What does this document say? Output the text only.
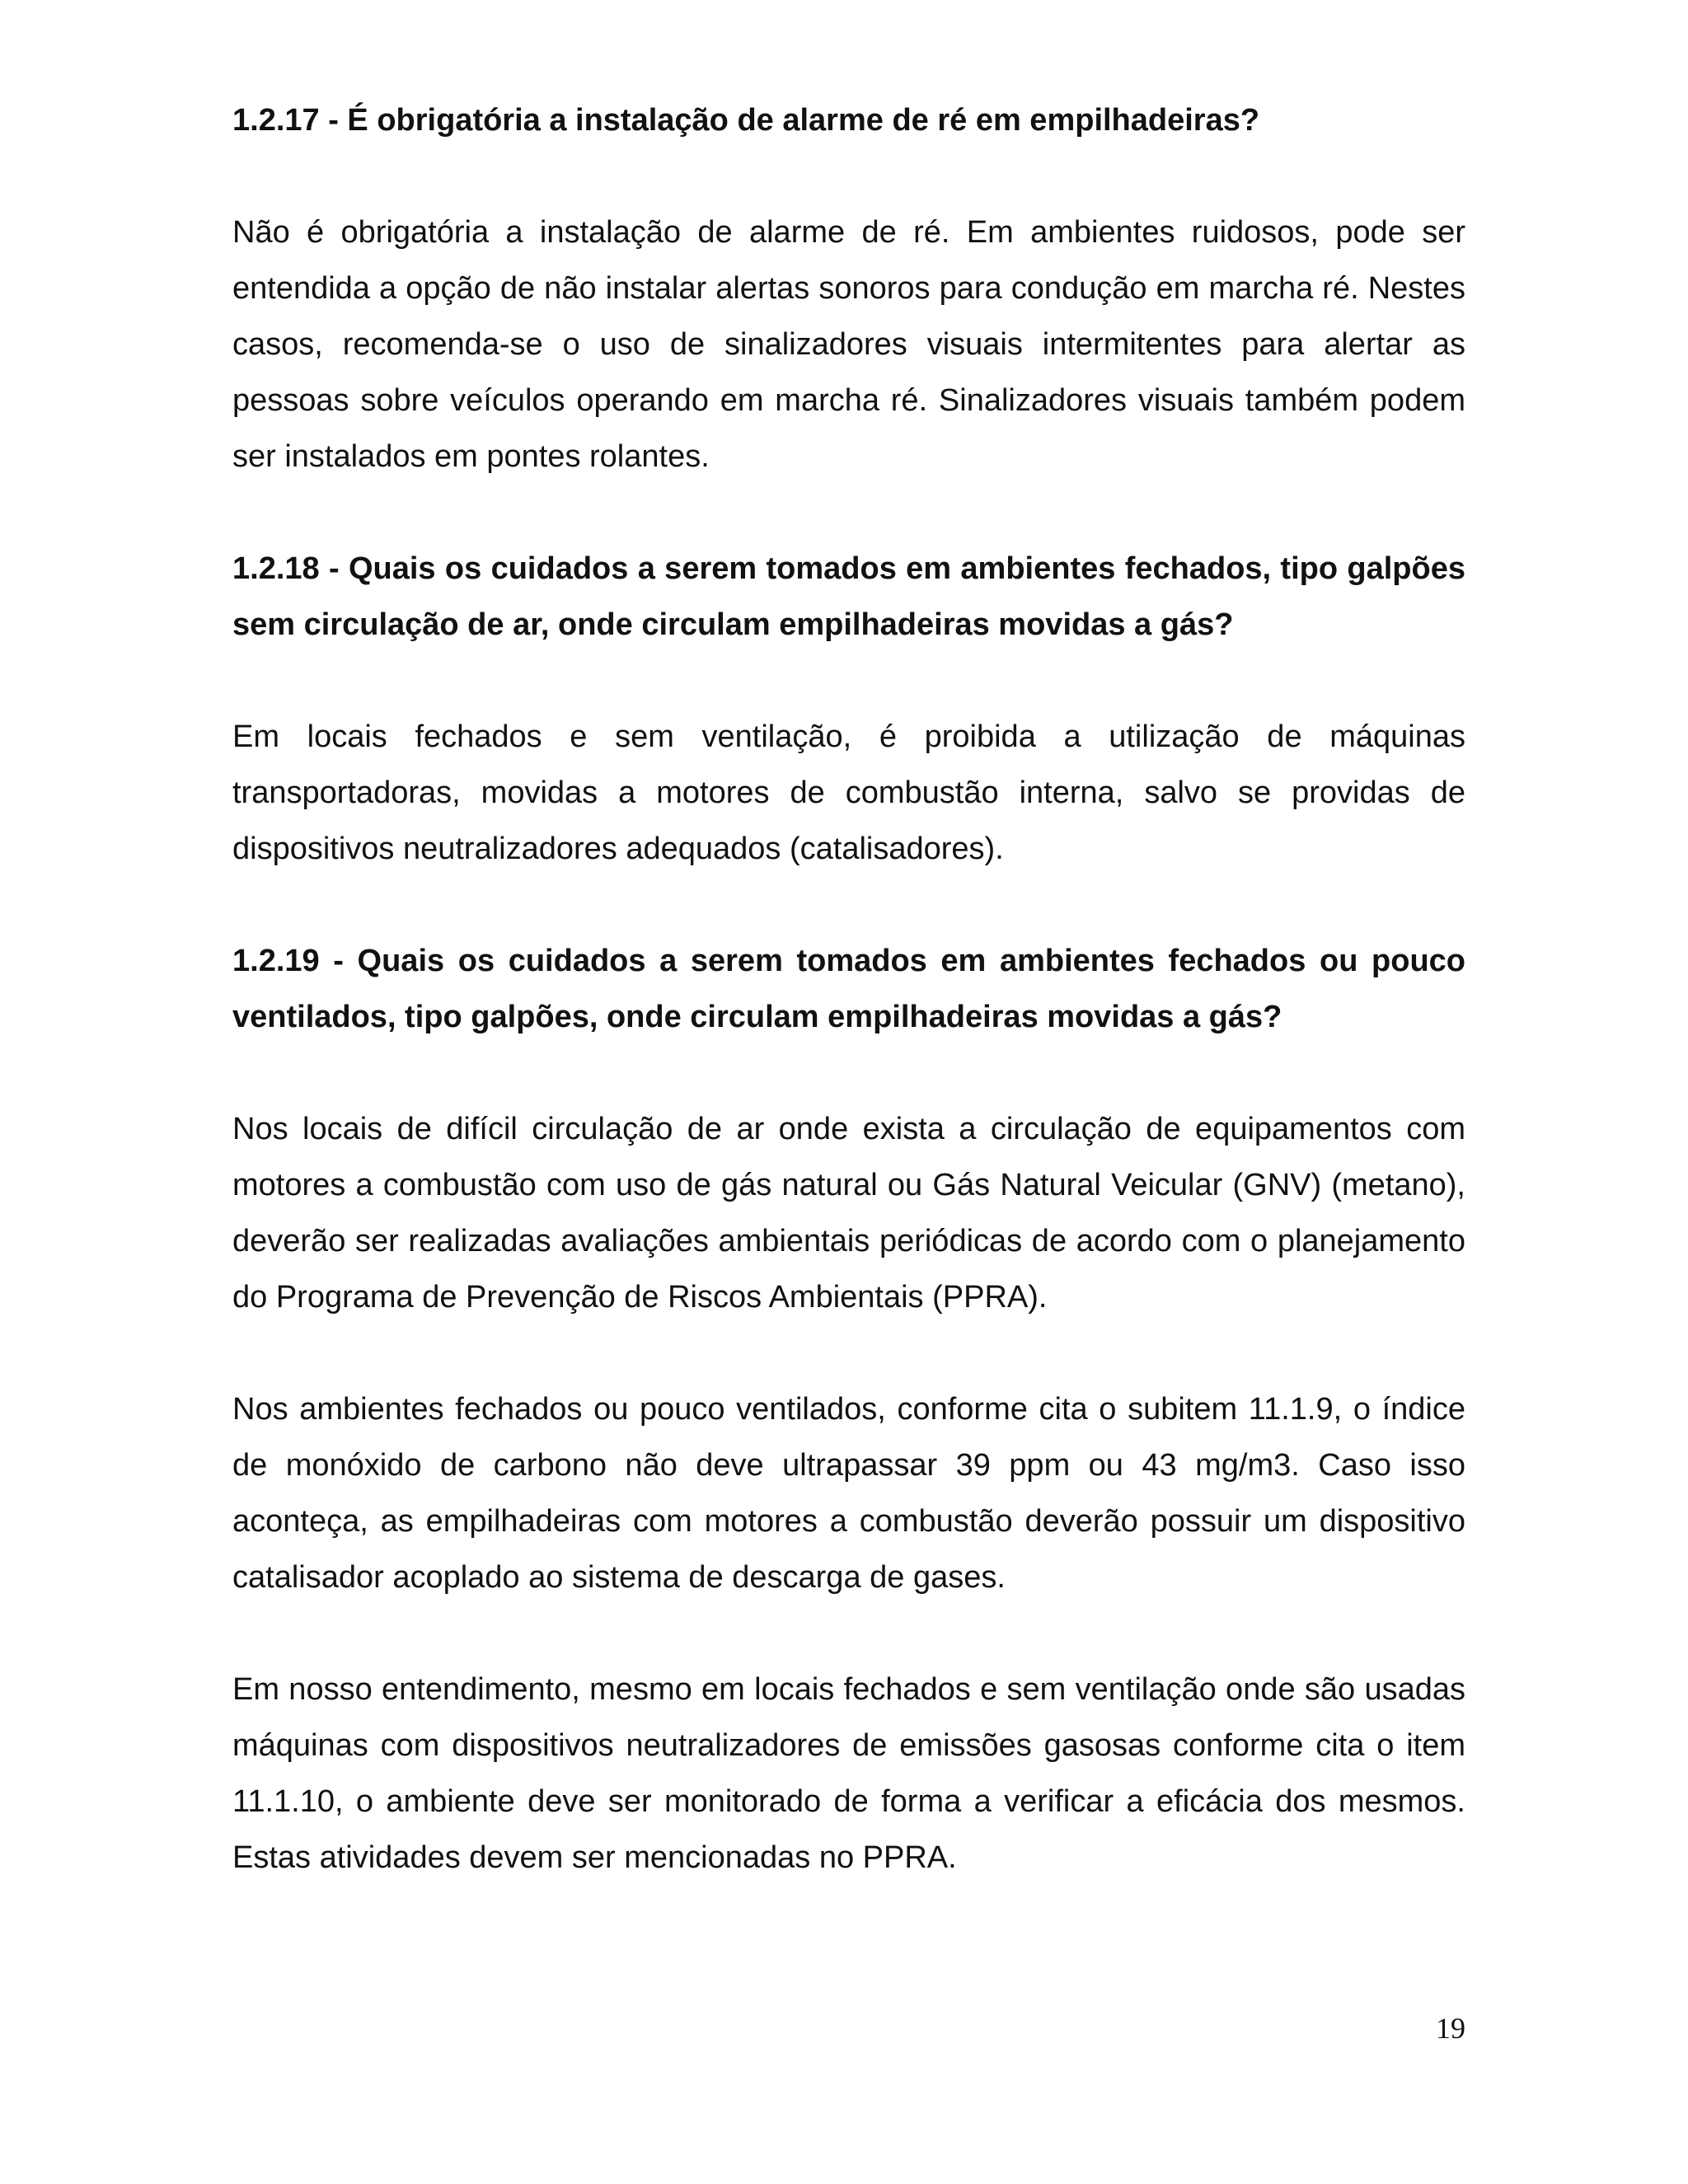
1.2.17 - É obrigatória a instalação de alarme de ré em empilhadeiras?

Não é obrigatória a instalação de alarme de ré. Em ambientes ruidosos, pode ser entendida a opção de não instalar alertas sonoros para condução em marcha ré. Nestes casos, recomenda-se o uso de sinalizadores visuais intermitentes para alertar as pessoas sobre veículos operando em marcha ré. Sinalizadores visuais também podem ser instalados em pontes rolantes.

1.2.18 - Quais os cuidados a serem tomados em ambientes fechados, tipo galpões sem circulação de ar, onde circulam empilhadeiras movidas a gás?

Em locais fechados e sem ventilação, é proibida a utilização de máquinas transportadoras, movidas a motores de combustão interna, salvo se providas de dispositivos neutralizadores adequados (catalisadores).

1.2.19 - Quais os cuidados a serem tomados em ambientes fechados ou pouco ventilados, tipo galpões, onde circulam empilhadeiras movidas a gás?

Nos locais de difícil circulação de ar onde exista a circulação de equipamentos com motores a combustão com uso de gás natural ou Gás Natural Veicular (GNV) (metano), deverão ser realizadas avaliações ambientais periódicas de acordo com o planejamento do Programa de Prevenção de Riscos Ambientais (PPRA).

Nos ambientes fechados ou pouco ventilados, conforme cita o subitem 11.1.9, o índice de monóxido de carbono não deve ultrapassar 39 ppm ou 43 mg/m3. Caso isso aconteça, as empilhadeiras com motores a combustão deverão possuir um dispositivo catalisador acoplado ao sistema de descarga de gases.

Em nosso entendimento, mesmo em locais fechados e sem ventilação onde são usadas máquinas com dispositivos neutralizadores de emissões gasosas conforme cita o item 11.1.10, o ambiente deve ser monitorado de forma a verificar a eficácia dos mesmos. Estas atividades devem ser mencionadas no PPRA.

19
